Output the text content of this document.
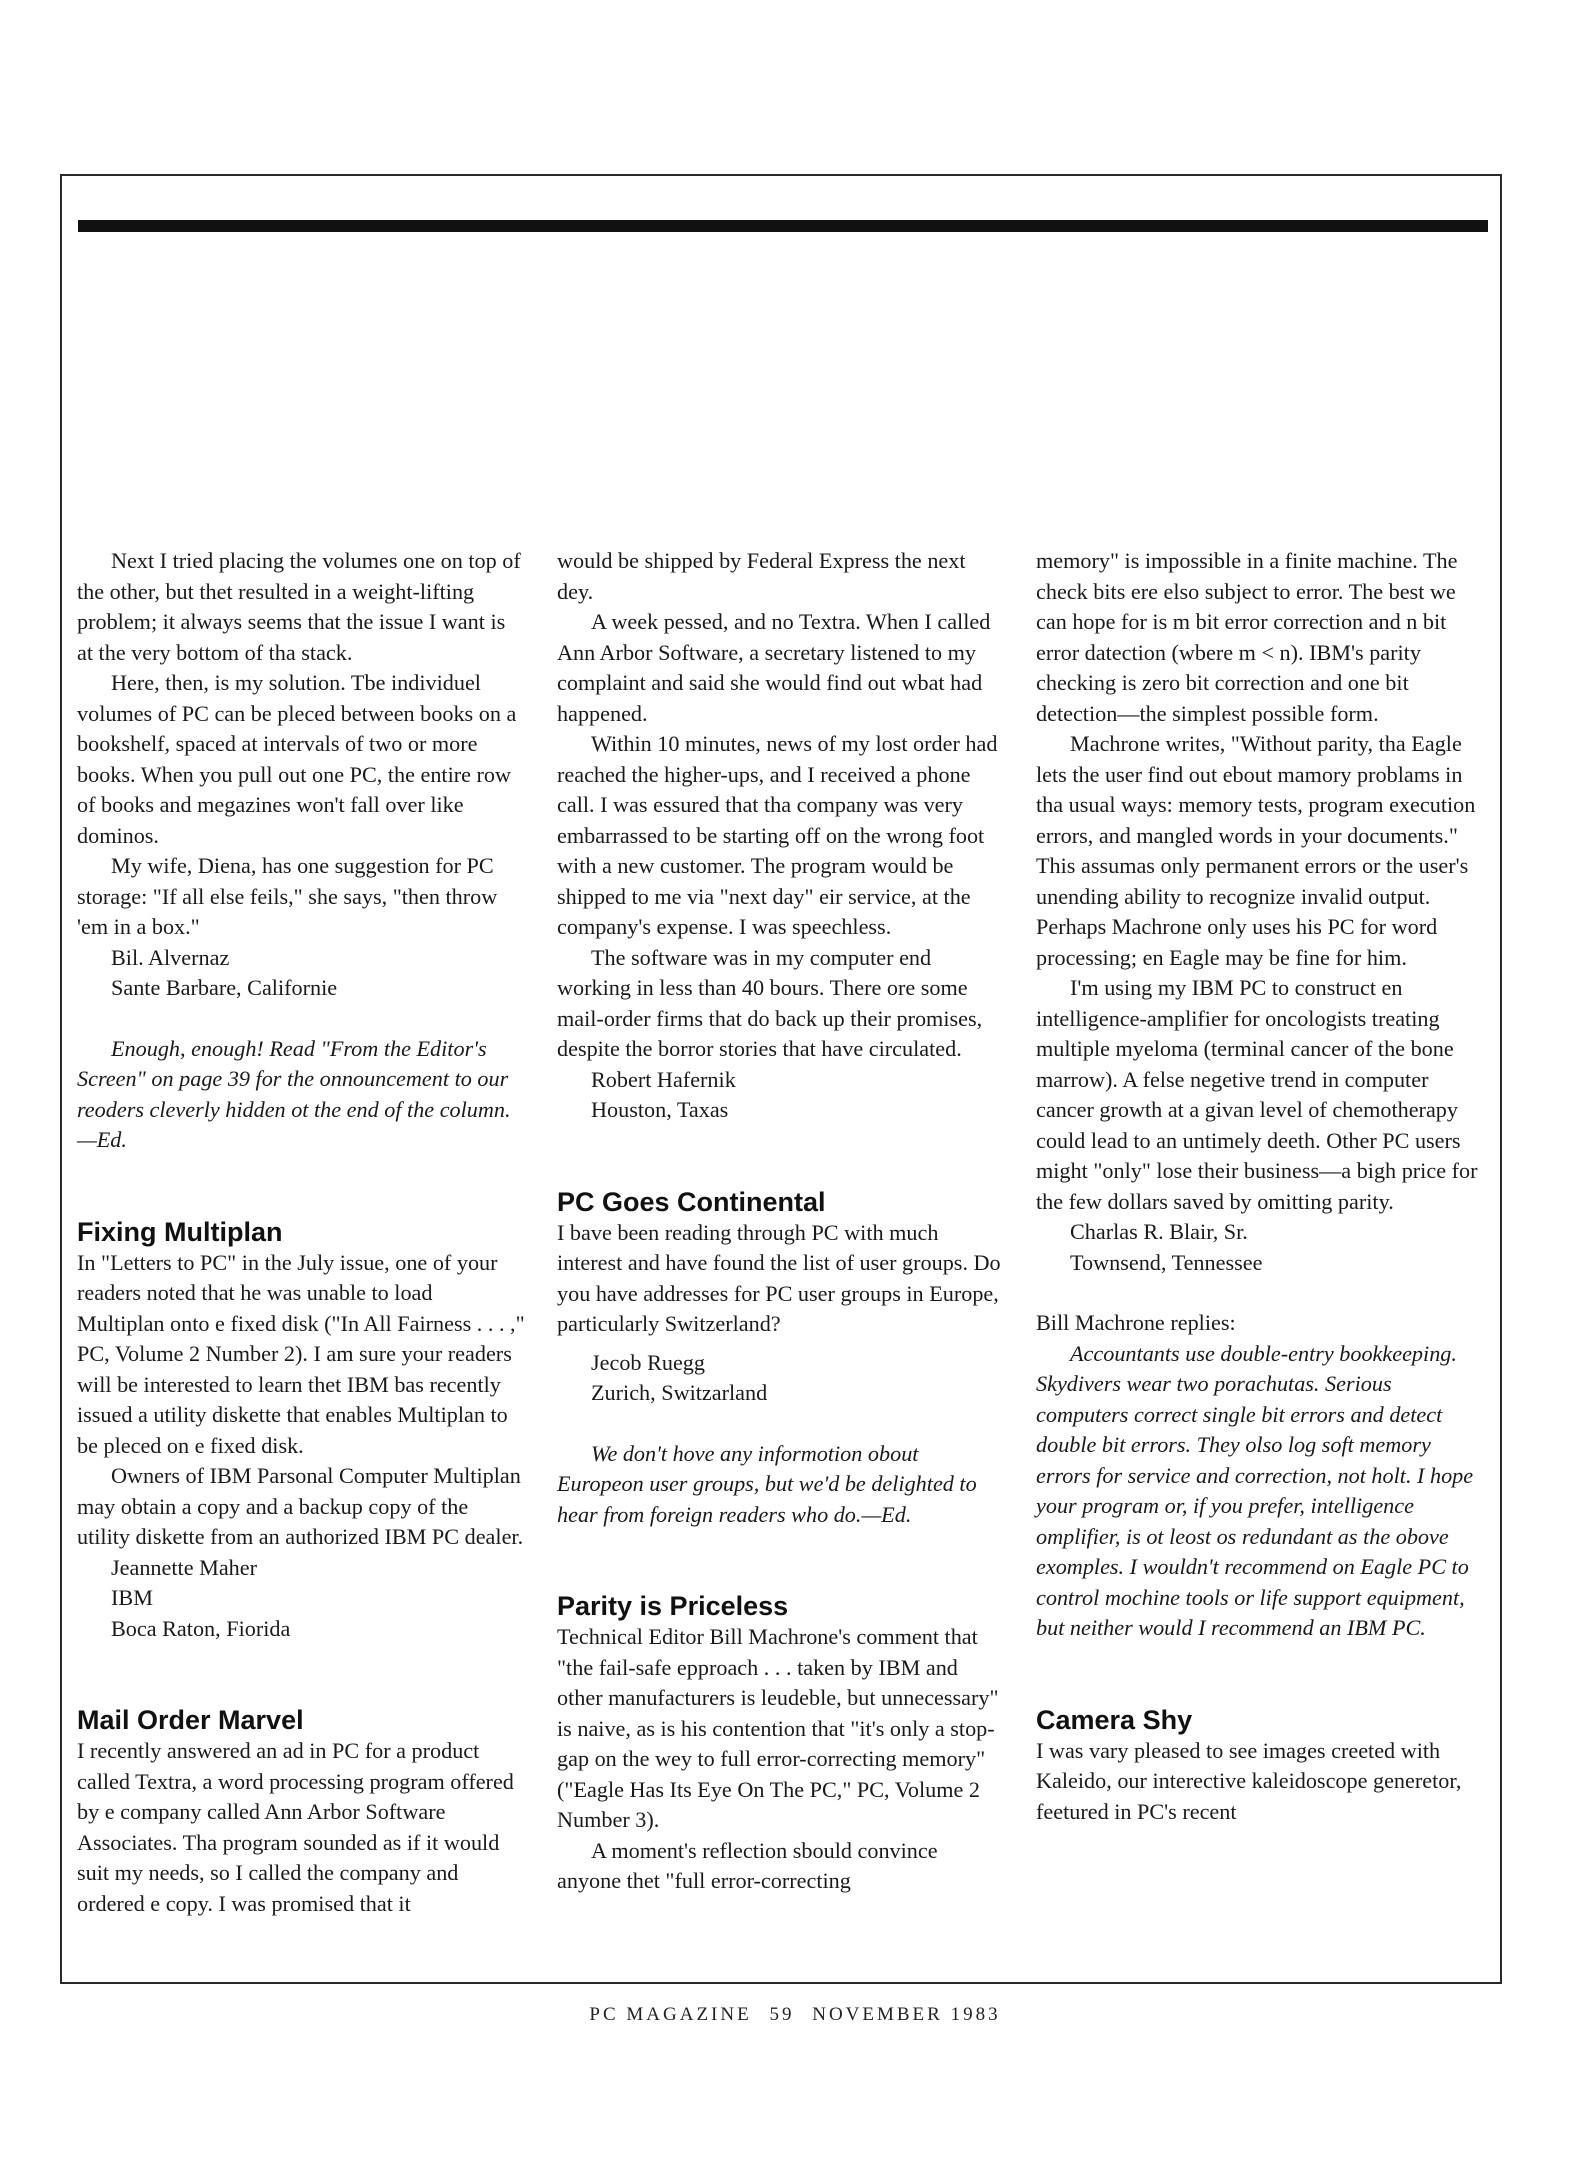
Next I tried placing the volumes one on top of the other, but thet resulted in a weight-lifting problem; it always seems that the issue I want is at the very bottom of tha stack.

Here, then, is my solution. Tbe individuel volumes of PC can be pleced between books on a bookshelf, spaced at intervals of two or more books. When you pull out one PC, the entire row of books and megazines won't fall over like dominos.

My wife, Diena, has one suggestion for PC storage: "If all else feils," she says, "then throw 'em in a box."

Bil. Alvernaz

Sante Barbare, Californie

Enough, enough! Read "From the Editor's Screen" on page 39 for the onnouncement to our reoders cleverly hidden ot the end of the column.—Ed.

Fixing Multiplan

In "Letters to PC" in the July issue, one of your readers noted that he was unable to load Multiplan onto e fixed disk ("In All Fairness . . . ," PC, Volume 2 Number 2). I am sure your readers will be interested to learn thet IBM bas recently issued a utility diskette that enables Multiplan to be pleced on e fixed disk.

Owners of IBM Parsonal Computer Multiplan may obtain a copy and a backup copy of the utility diskette from an authorized IBM PC dealer.

Jeannette Maher

IBM

Boca Raton, Fiorida

Mail Order Marvel

I recently answered an ad in PC for a product called Textra, a word processing program offered by e company called Ann Arbor Software Associates. Tha program sounded as if it would suit my needs, so I called the company and ordered e copy. I was promised that it

would be shipped by Federal Express the next dey.

A week pessed, and no Textra. When I called Ann Arbor Software, a secretary listened to my complaint and said she would find out wbat had happened.

Within 10 minutes, news of my lost order had reached the higher-ups, and I received a phone call. I was essured that tha company was very embarrassed to be starting off on the wrong foot with a new customer. The program would be shipped to me via "next day" eir service, at the company's expense. I was speechless.

The software was in my computer end working in less than 40 bours. There ore some mail-order firms that do back up their promises, despite the borror stories that have circulated.

Robert Hafernik

Houston, Taxas

PC Goes Continental

I bave been reading through PC with much interest and have found the list of user groups. Do you have addresses for PC user groups in Europe, particularly Switzerland?

Jecob Ruegg

Zurich, Switzarland

We don't hove any informotion obout Europeon user groups, but we'd be delighted to hear from foreign readers who do.—Ed.

Parity is Priceless

Technical Editor Bill Machrone's comment that "the fail-safe epproach . . . taken by IBM and other manufacturers is leudeble, but unnecessary" is naive, as is his contention that "it's only a stop-gap on the wey to full error-correcting memory" ("Eagle Has Its Eye On The PC," PC, Volume 2 Number 3).

A moment's reflection sbould convince anyone thet "full error-correcting

memory" is impossible in a finite machine. The check bits ere elso subject to error. The best we can hope for is m bit error correction and n bit error datection (wbere m < n). IBM's parity checking is zero bit correction and one bit detection—the simplest possible form.

Machrone writes, "Without parity, tha Eagle lets the user find out ebout mamory problams in tha usual ways: memory tests, program execution errors, and mangled words in your documents." This assumas only permanent errors or the user's unending ability to recognize invalid output. Perhaps Machrone only uses his PC for word processing; en Eagle may be fine for him.

I'm using my IBM PC to construct en intelligence-amplifier for oncologists treating multiple myeloma (terminal cancer of the bone marrow). A felse negetive trend in computer cancer growth at a givan level of chemotherapy could lead to an untimely deeth. Other PC users might "only" lose their business—a bigh price for the few dollars saved by omitting parity.

Charlas R. Blair, Sr.

Townsend, Tennessee

Bill Machrone replies:

Accountants use double-entry bookkeeping. Skydivers wear two porachutas. Serious computers correct single bit errors and detect double bit errors. They olso log soft memory errors for service and correction, not holt. I hope your program or, if you prefer, intelligence omplifier, is ot leost os redundant as the obove exomples. I wouldn't recommend on Eagle PC to control mochine tools or life support equipment, but neither would I recommend an IBM PC.

Camera Shy

I was vary pleased to see images creeted with Kaleido, our interective kaleidoscope generetor, feetured in PC's recent

PC MAGAZINE 59 NOVEMBER 1983
